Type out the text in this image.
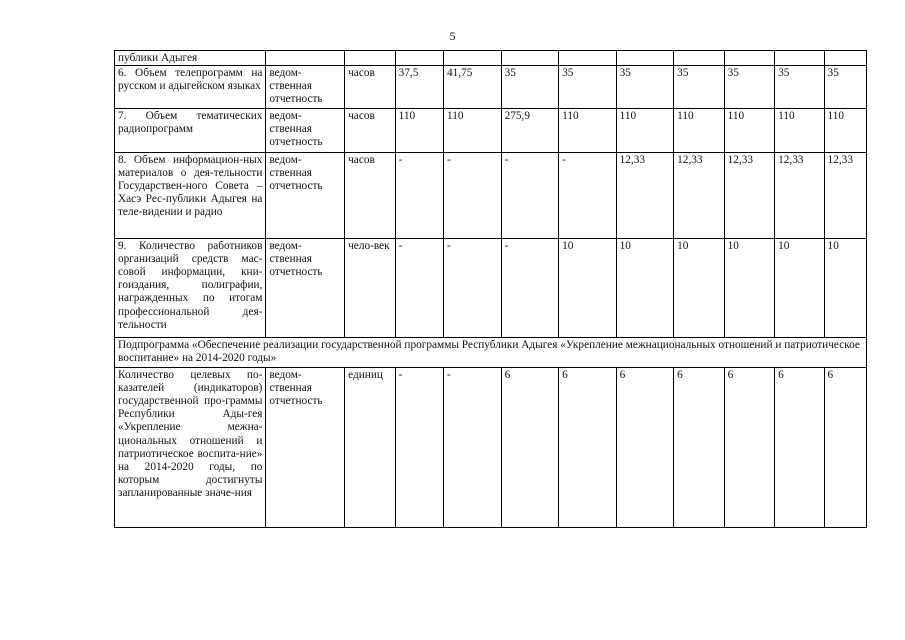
5
публики Адыгея											
6. Объем телепрограмм на русском и адыгейском языках	ведом-ственная отчетность	часов	37,5	41,75	35	35	35	35	35	35	35
7. Объем тематических радиопрограмм	ведом-ственная отчетность	часов	110	110	275,9	110	110	110	110	110	110
8. Объем информацион-ных материалов о дея-тельности Государствен-ного Совета – Хасэ Рес-публики Адыгея на теле-видении и радио	ведом-ственная отчетность	часов	-	-	-	-	12,33	12,33	12,33	12,33	12,33
9. Количество работников организаций средств мас-совой информации, кни-гоиздания, полиграфии, награжденных по итогам профессиональной дея-тельности	ведом-ственная отчетность	чело-век	-	-	-	10	10	10	10	10	10
Подпрограмма «Обеспечение реализации государственной программы Республики Адыгея «Укрепление межнациональных отношений и патриотическое воспитание» на 2014-2020 годы»											
Количество целевых по-казателей (индикаторов) государственной про-граммы Республики Ады-гея «Укрепление межна-циональных отношений и патриотическое воспита-ние» на 2014-2020 годы, по которым достигнуты запланированные значе-ния	ведом-ственная отчетность	единиц	-	-	6	6	6	6	6	6	6
